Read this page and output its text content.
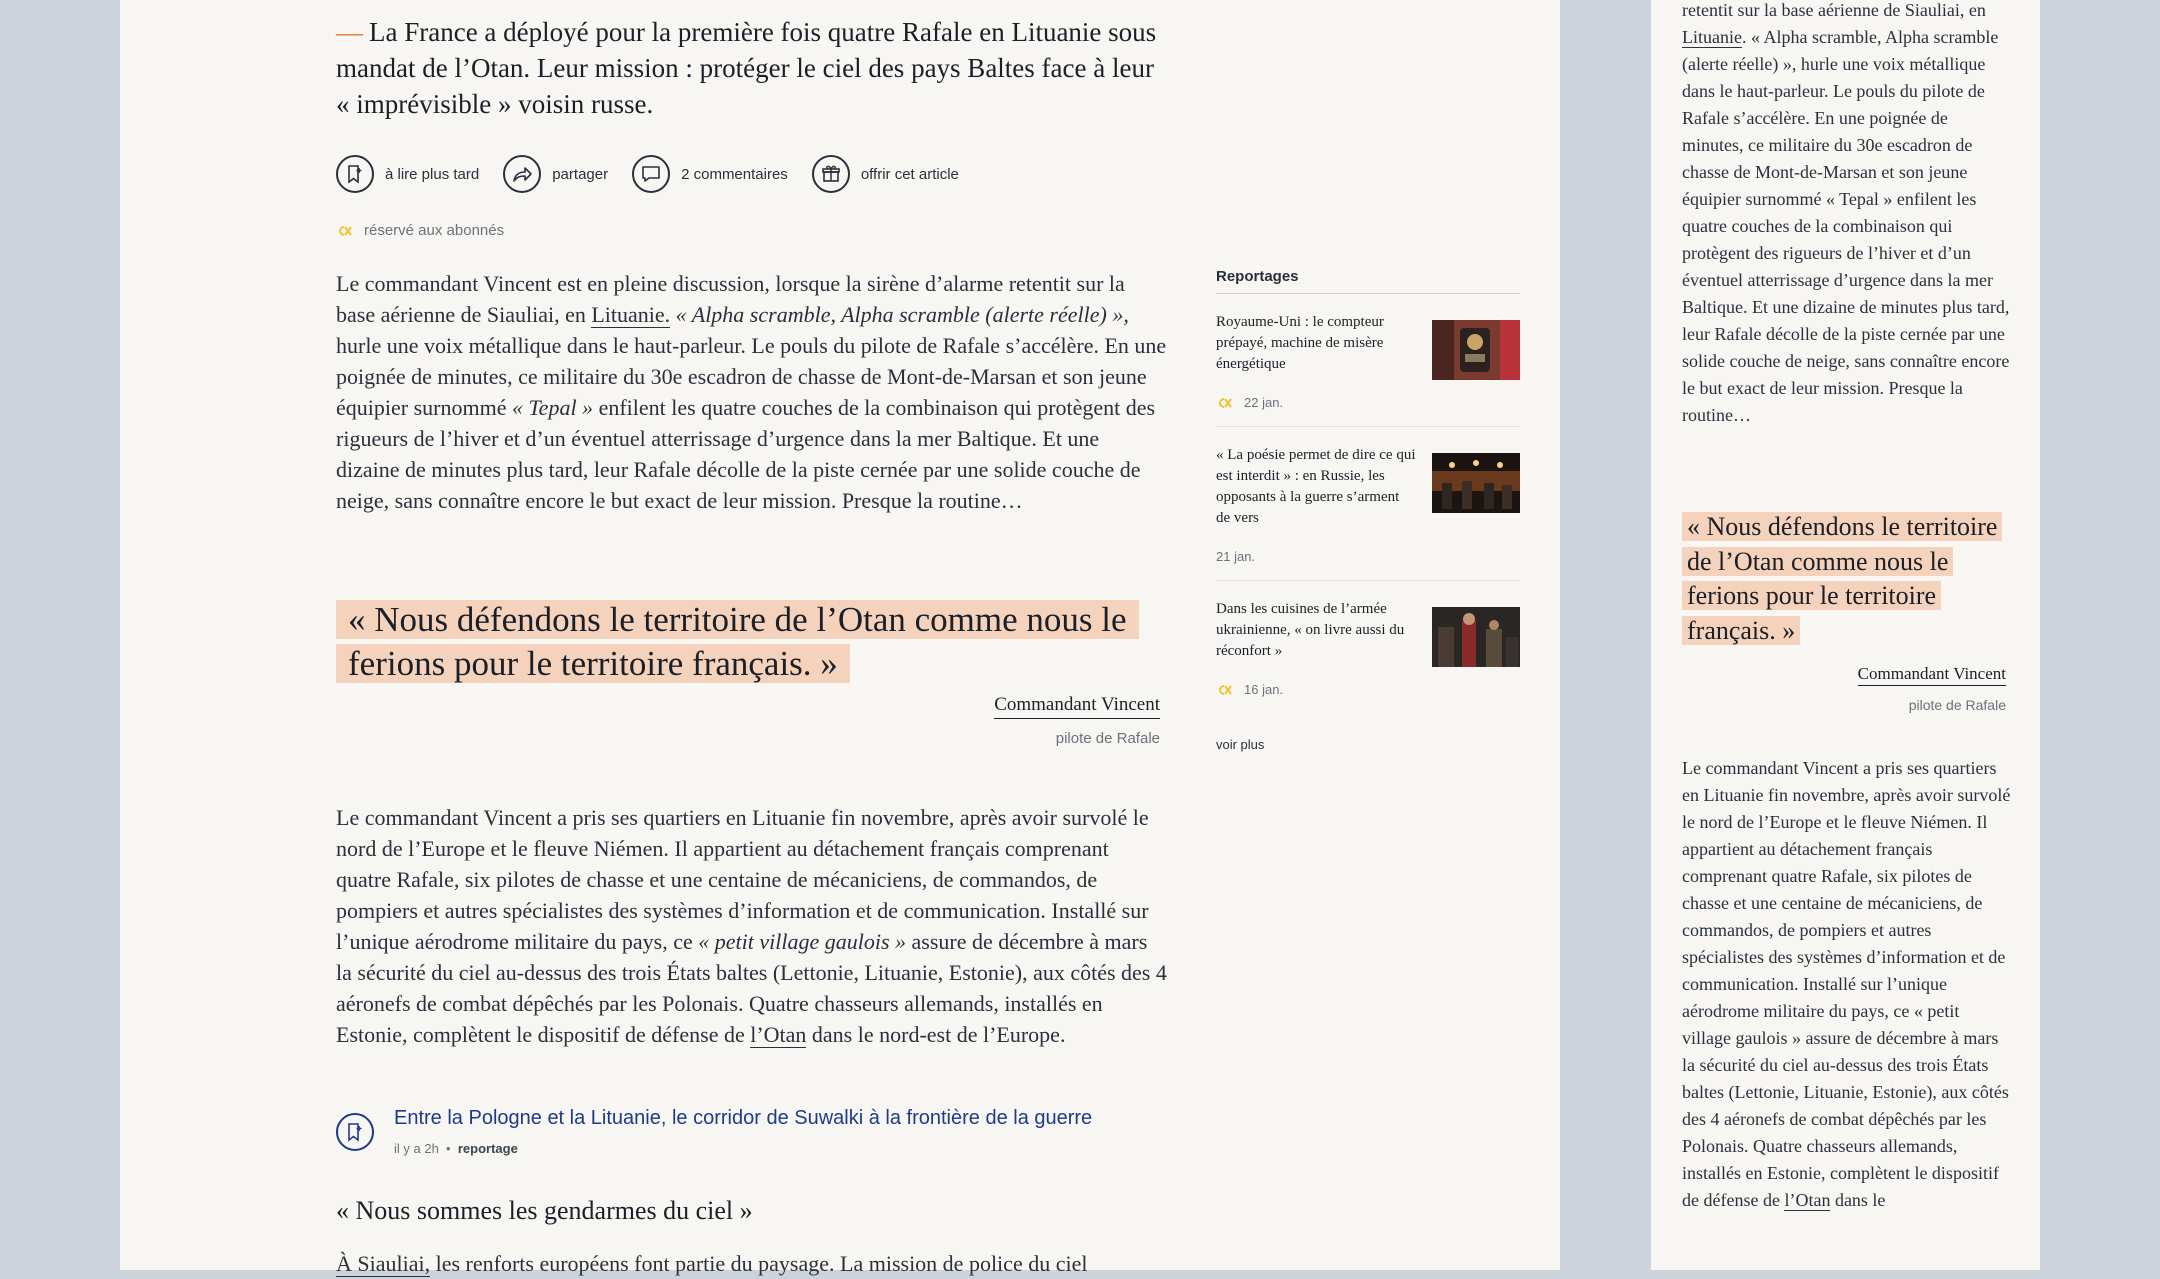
— La France a déployé pour la première fois quatre Rafale en Lituanie sous mandat de l’Otan. Leur mission : protéger le ciel des pays Baltes face à leur « imprévisible » voisin russe.

à lire plus tard	partager	2 commentaires	offrir cet article
réservé aux abonnés

Le commandant Vincent est en pleine discussion, lorsque la sirène d’alarme retentit sur la base aérienne de Siauliai, en Lituanie. « Alpha scramble, Alpha scramble (alerte réelle) », hurle une voix métallique dans le haut-parleur. Le pouls du pilote de Rafale s’accélère. En une poignée de minutes, ce militaire du 30e escadron de chasse de Mont-de-Marsan et son jeune équipier surnommé « Tepal » enfilent les quatre couches de la combinaison qui protègent des rigueurs de l’hiver et d’un éventuel atterrissage d’urgence dans la mer Baltique. Et une dizaine de minutes plus tard, leur Rafale décolle de la piste cernée par une solide couche de neige, sans connaître encore le but exact de leur mission. Presque la routine…

« Nous défendons le territoire de l’Otan comme nous le ferions pour le territoire français. »

Commandant Vincent
pilote de Rafale

Le commandant Vincent a pris ses quartiers en Lituanie fin novembre, après avoir survolé le nord de l’Europe et le fleuve Niémen. Il appartient au détachement français comprenant quatre Rafale, six pilotes de chasse et une centaine de mécaniciens, de commandos, de pompiers et autres spécialistes des systèmes d’information et de communication. Installé sur l’unique aérodrome militaire du pays, ce « petit village gaulois » assure de décembre à mars la sécurité du ciel au-dessus des trois États baltes (Lettonie, Lituanie, Estonie), aux côtés des 4 aéronefs de combat dépêchés par les Polonais. Quatre chasseurs allemands, installés en Estonie, complètent le dispositif de défense de l’Otan dans le nord-est de l’Europe.

Entre la Pologne et la Lituanie, le corridor de Suwalki à la frontière de la guerre
il y a 2h • reportage
« Nous sommes les gendarmes du ciel »

À Siauliai, les renforts européens font partie du paysage. La mission de police du ciel

Reportages
Royaume-Uni : le compteur prépayé, machine de misère énergétique
22 jan.
« La poésie permet de dire ce qui est interdit » : en Russie, les opposants à la guerre s’arment de vers
21 jan.
Dans les cuisines de l’armée ukrainienne, « on livre aussi du réconfort »
16 jan.
voir plus

retentit sur la base aérienne de Siauliai, en Lituanie. « Alpha scramble, Alpha scramble (alerte réelle) », hurle une voix métallique dans le haut-parleur. Le pouls du pilote de Rafale s’accélère. En une poignée de minutes, ce militaire du 30e escadron de chasse de Mont-de-Marsan et son jeune équipier surnommé « Tepal » enfilent les quatre couches de la combinaison qui protègent des rigueurs de l’hiver et d’un éventuel atterrissage d’urgence dans la mer Baltique. Et une dizaine de minutes plus tard, leur Rafale décolle de la piste cernée par une solide couche de neige, sans connaître encore le but exact de leur mission. Presque la routine…

« Nous défendons le territoire de l’Otan comme nous le ferions pour le territoire français. »

Commandant Vincent
pilote de Rafale

Le commandant Vincent a pris ses quartiers en Lituanie fin novembre, après avoir survolé le nord de l’Europe et le fleuve Niémen. Il appartient au détachement français comprenant quatre Rafale, six pilotes de chasse et une centaine de mécaniciens, de commandos, de pompiers et autres spécialistes des systèmes d’information et de communication. Installé sur l’unique aérodrome militaire du pays, ce « petit village gaulois » assure de décembre à mars la sécurité du ciel au-dessus des trois États baltes (Lettonie, Lituanie, Estonie), aux côtés des 4 aéronefs de combat dépêchés par les Polonais. Quatre chasseurs allemands, installés en Estonie, complètent le dispositif de défense de l’Otan dans le
